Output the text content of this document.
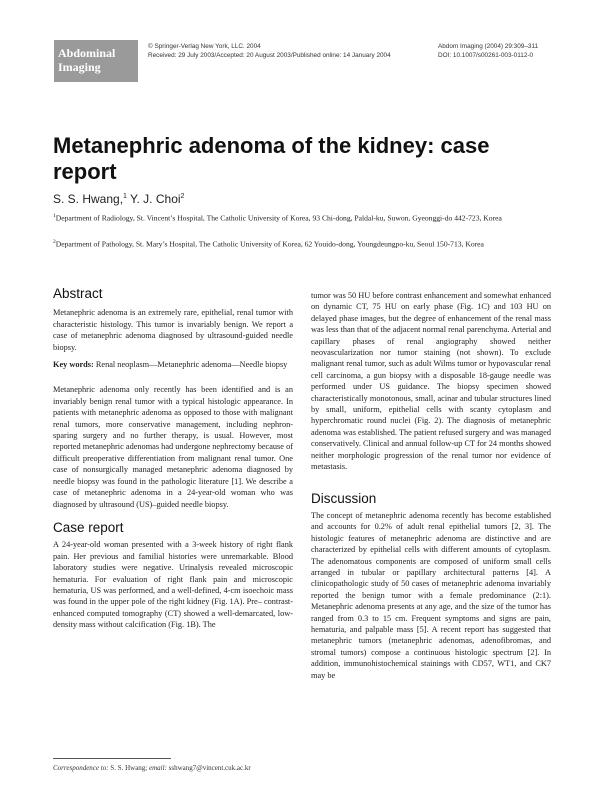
Abdominal
Imaging
© Springer-Verlag New York, LLC. 2004
Received: 29 July 2003/Accepted: 20 August 2003/Published online: 14 January 2004
Abdom Imaging (2004) 29:309–311
DOI: 10.1007/s00261-003-0112-0
Metanephric adenoma of the kidney: case report
S. S. Hwang,$^1$ Y. J. Choi$^2$
$^1$Department of Radiology, St. Vincent’s Hospital, The Catholic University of Korea, 93 Chi-dong, Paldal-ku, Suwon, Gyeonggi-do 442-723, Korea
$^2$Department of Pathology, St. Mary’s Hospital, The Catholic University of Korea, 62 Youido-dong, Youngdeungpo-ku, Seoul 150-713, Korea
Abstract

Metanephric adenoma is an extremely rare, epithelial, renal tumor with characteristic histology. This tumor is invariably benign. We report a case of metanephric adenoma diagnosed by ultrasound-guided needle biopsy.

Key words: Renal neoplasm—Metanephric adenoma—Needle biopsy

Metanephric adenoma only recently has been identified and is an invariably benign renal tumor with a typical histologic appearance. In patients with metanephric adenoma as opposed to those with malignant renal tumors, more conservative management, including nephron-sparing surgery and no further therapy, is usual. However, most reported metanephric adenomas had undergone nephrectomy because of difficult preoperative differentiation from malignant renal tumor. One case of nonsurgically managed metanephric adenoma diagnosed by needle biopsy was found in the pathologic literature [1]. We describe a case of metanephric adenoma in a 24-year-old woman who was diagnosed by ultrasound (US)–guided needle biopsy.

Case report

A 24-year-old woman presented with a 3-week history of right flank pain. Her previous and familial histories were unremarkable. Blood laboratory studies were negative. Urinalysis revealed microscopic hematuria. For evaluation of right flank pain and microscopic hematuria, US was performed, and a well-defined, 4-cm isoechoic mass was found in the upper pole of the right kidney (Fig. 1A). Pre– contrast-enhanced computed tomography (CT) showed a well-demarcated, low-density mass without calcification (Fig. 1B). The

tumor was 50 HU before contrast enhancement and somewhat enhanced on dynamic CT, 75 HU on early phase (Fig. 1C) and 103 HU on delayed phase images, but the degree of enhancement of the renal mass was less than that of the adjacent normal renal parenchyma. Arterial and capillary phases of renal angiography showed neither neovascularization nor tumor staining (not shown). To exclude malignant renal tumor, such as adult Wilms tumor or hypovascular renal cell carcinoma, a gun biopsy with a disposable 18-gauge needle was performed under US guidance. The biopsy specimen showed characteristically monotonous, small, acinar and tubular structures lined by small, uniform, epithelial cells with scanty cytoplasm and hyperchromatic round nuclei (Fig. 2). The diagnosis of metanephric adenoma was established. The patient refused surgery and was managed conservatively. Clinical and annual follow-up CT for 24 months showed neither morphologic progression of the renal tumor nor evidence of metastasis.

Discussion

The concept of metanephric adenoma recently has become established and accounts for 0.2% of adult renal epithelial tumors [2, 3]. The histologic features of metanephric adenoma are distinctive and are characterized by epithelial cells with different amounts of cytoplasm. The adenomatous components are composed of uniform small cells arranged in tubular or papillary architectural patterns [4]. A clinicopathologic study of 50 cases of metanephric adenoma invariably reported the benign tumor with a female predominance (2:1). Metanephric adenoma presents at any age, and the size of the tumor has ranged from 0.3 to 15 cm. Frequent symptoms and signs are pain, hematuria, and palpable mass [5]. A recent report has suggested that metanephric tumors (metanephric adenomas, adenofibromas, and stromal tumors) compose a continuous histologic spectrum [2]. In addition, immunohistochemical stainings with CD57, WT1, and CK7 may be

Correspondence to: S. S. Hwang; email: sshwang7@vincent.cuk.ac.kr
